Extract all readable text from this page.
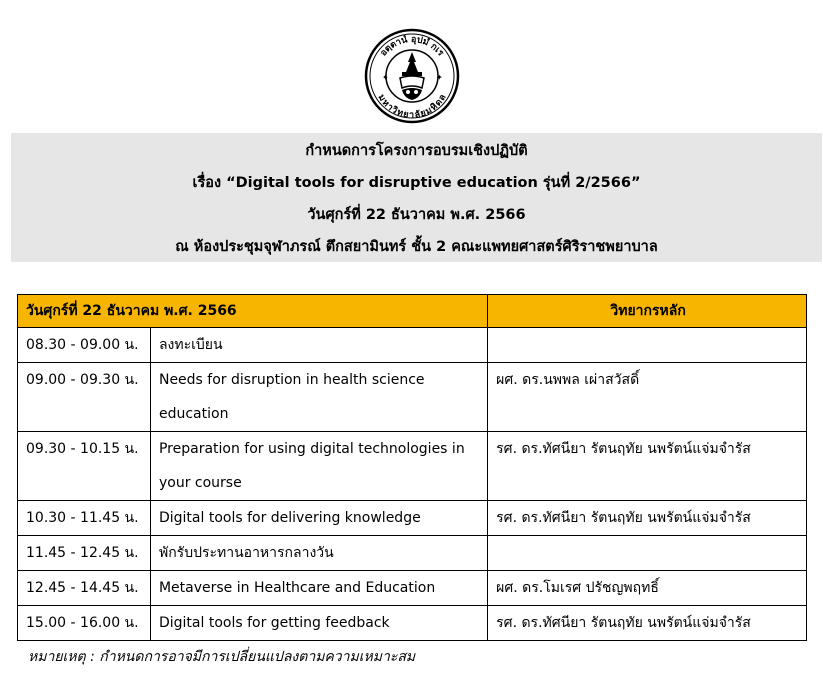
อตฺตานํ อุปมํ กเร
มหาวิทยาลัยมหิดล
✦	✦
กำหนดการโครงการอบรมเชิงปฏิบัติ
เรื่อง “Digital tools for disruptive education รุ่นที่ 2/2566”
วันศุกร์ที่ 22 ธันวาคม พ.ศ. 2566
ณ ห้องประชุมจุฬาภรณ์ ตึกสยามินทร์ ชั้น 2 คณะแพทยศาสตร์ศิริราชพยาบาล
วันศุกร์ที่ 22 ธันวาคม พ.ศ. 2566		วิทยากรหลัก
08.30 - 09.00 น.	ลงทะเบียน	
09.00 - 09.30 น.	Needs for disruption in health science education	ผศ. ดร.นพพล เผ่าสวัสดิ์
09.30 - 10.15 น.	Preparation for using digital technologies in your course	รศ. ดร.ทัศนียา รัตนฤทัย นพรัตน์แจ่มจำรัส
10.30 - 11.45 น.	Digital tools for delivering knowledge	รศ. ดร.ทัศนียา รัตนฤทัย นพรัตน์แจ่มจำรัส
11.45 - 12.45 น.	พักรับประทานอาหารกลางวัน	
12.45 - 14.45 น.	Metaverse in Healthcare and Education	ผศ. ดร.โมเรศ ปรัชญพฤทธิ์
15.00 - 16.00 น.	Digital tools for getting feedback	รศ. ดร.ทัศนียา รัตนฤทัย นพรัตน์แจ่มจำรัส
หมายเหตุ : กำหนดการอาจมีการเปลี่ยนแปลงตามความเหมาะสม
